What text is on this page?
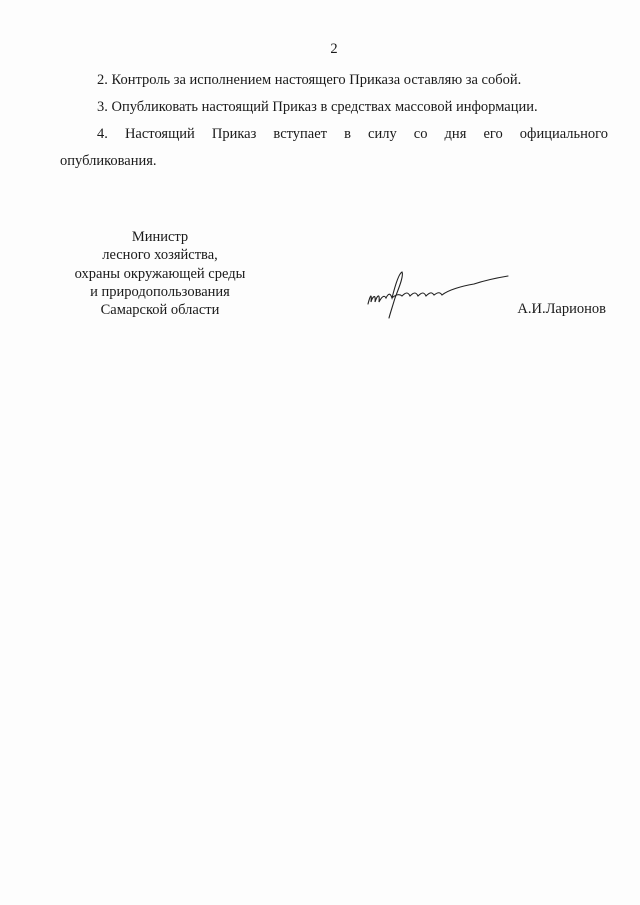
2
2. Контроль за исполнением настоящего Приказа оставляю за собой.
3. Опубликовать настоящий Приказ в средствах массовой информации.
4. Настоящий Приказ вступает в силу со дня его официального
опубликования.
Министр
лесного хозяйства,
охраны окружающей среды
и природопользования
Самарской области	А.И.Ларионов
